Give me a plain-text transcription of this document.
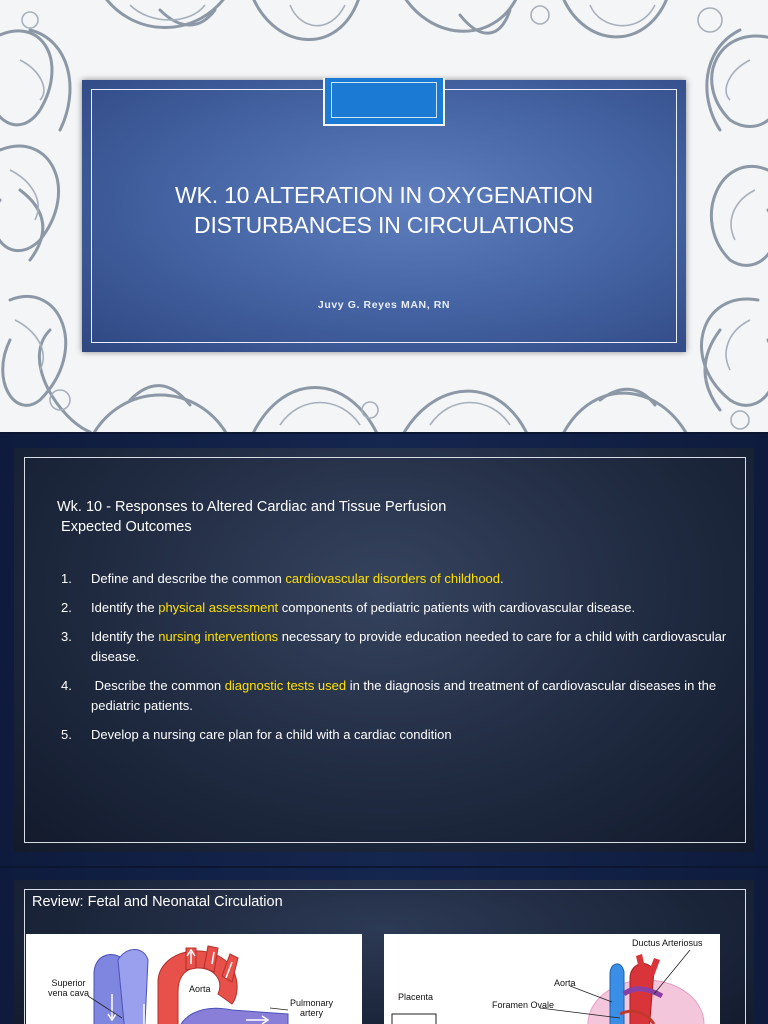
WK. 10 ALTERATION IN OXYGENATION
DISTURBANCES IN CIRCULATIONS
Juvy G. Reyes MAN, RN
Wk. 10 - Responses to Altered Cardiac and Tissue Perfusion
Expected Outcomes
1. Define and describe the common cardiovascular disorders of childhood.
2. Identify the physical assessment components of pediatric patients with cardiovascular disease.
3. Identify the nursing interventions necessary to provide education needed to care for a child with cardiovascular disease.
4. Describe the common diagnostic tests used in the diagnosis and treatment of cardiovascular diseases in the pediatric patients.
5. Develop a nursing care plan for a child with a cardiac condition
Review: Fetal and Neonatal Circulation
Superior
vena cava	Aorta
Pulmonary
artery
Ductus Arteriosus
Aorta
Placenta
Foramen Ovale
